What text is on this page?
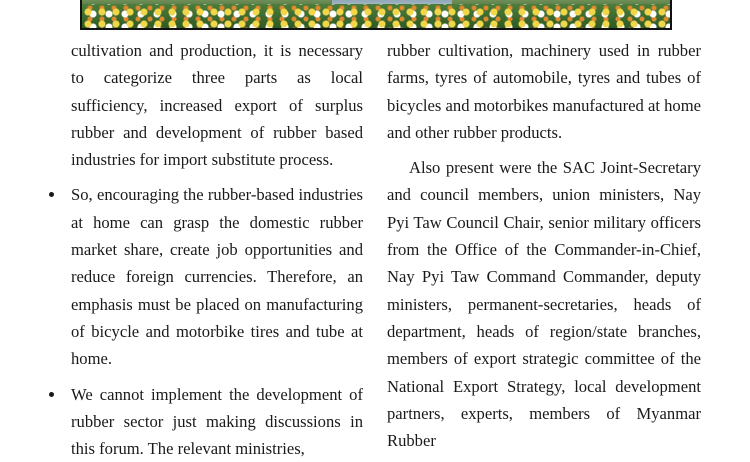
cultivation and production, it is necessary to categorize three parts as local sufficiency, increased export of surplus rubber and development of rubber based industries for import substitute process.

So, encouraging the rubber-based industries at home can grasp the domestic rubber market share, create job opportunities and reduce foreign currencies. Therefore, an emphasis must be placed on manufacturing of bicycle and motorbike tires and tube at home.

We cannot implement the development of rubber sector just making discussions in this forum. The relevant ministries,

rubber cultivation, machinery used in rubber farms, tyres of automobile, tyres and tubes of bicycles and motorbikes manufactured at home and other rubber products.

Also present were the SAC Joint-Secretary and council members, union ministers, Nay Pyi Taw Council Chair, senior military officers from the Office of the Commander-in-Chief, Nay Pyi Taw Command Commander, deputy ministers, permanent-secretaries, heads of department, heads of region/state branches, members of export strategic committee of the National Export Strategy, local development partners, experts, members of Myanmar Rubber
